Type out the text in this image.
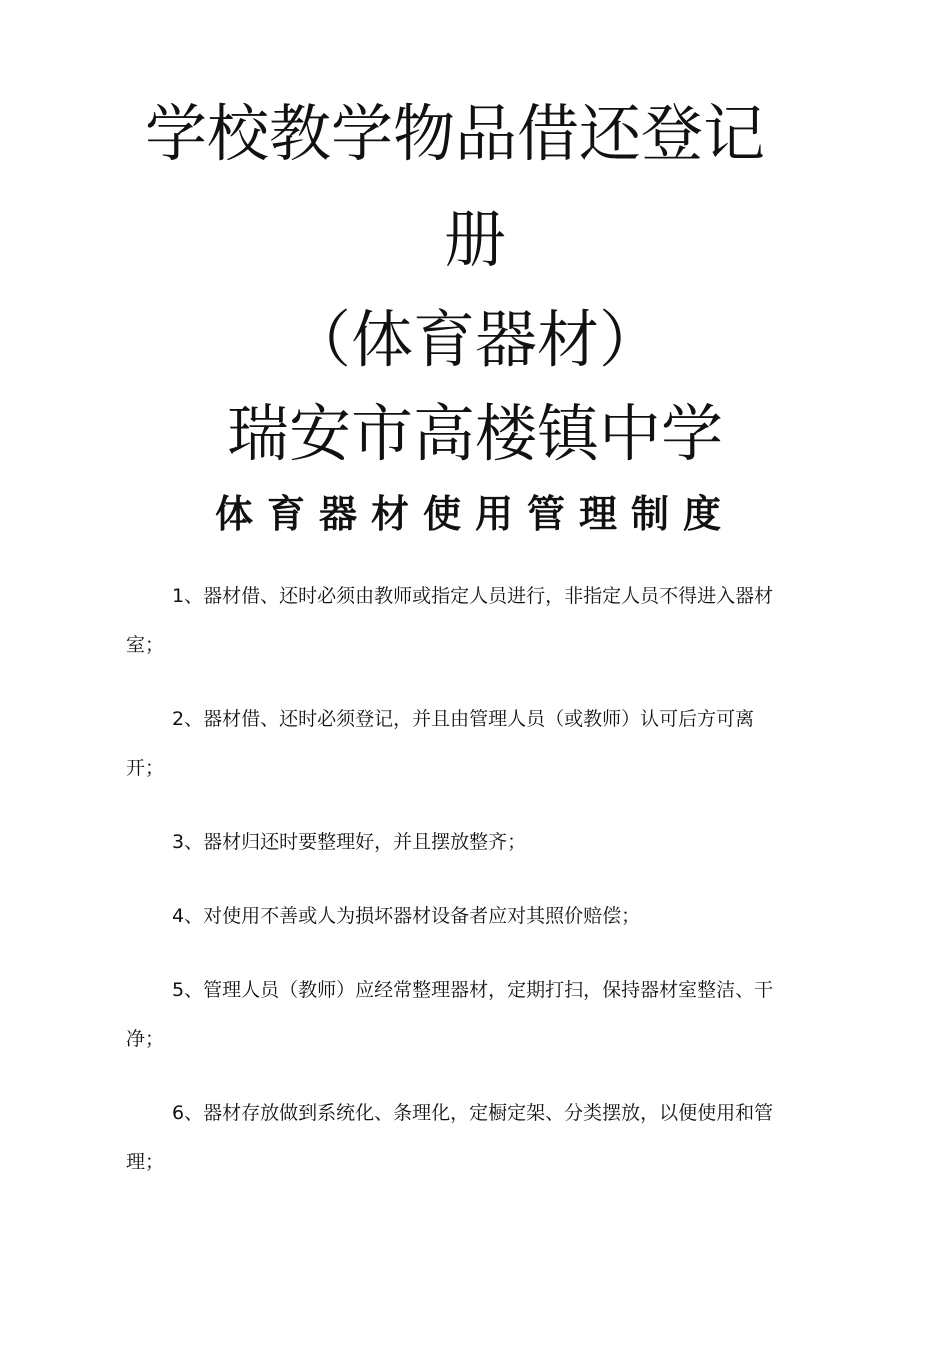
学校教学物品借还登记
册
（体育器材）
瑞安市高楼镇中学
体育器材使用管理制度
1、器材借、还时必须由教师或指定人员进行，非指定人员不得进入器材室；
2、器材借、还时必须登记，并且由管理人员（或教师）认可后方可离开；
3、器材归还时要整理好，并且摆放整齐；
4、对使用不善或人为损坏器材设备者应对其照价赔偿；
5、管理人员（教师）应经常整理器材，定期打扫，保持器材室整洁、干净；
6、器材存放做到系统化、条理化，定橱定架、分类摆放，以便使用和管理；
